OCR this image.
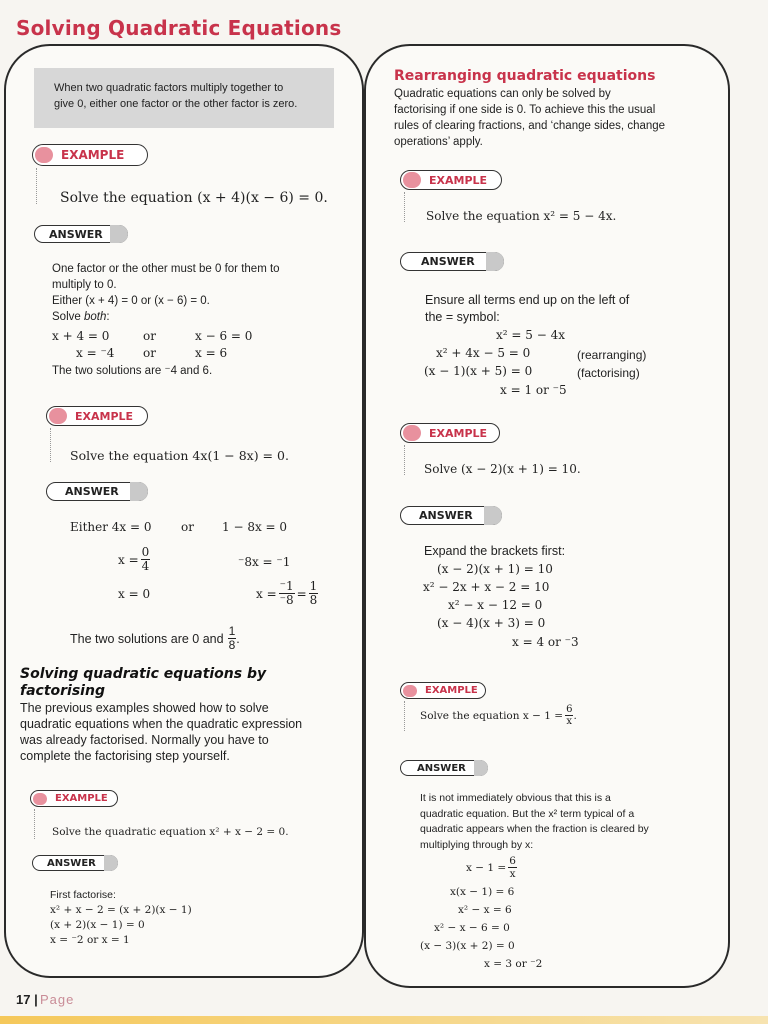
Solving Quadratic Equations
When two quadratic factors multiply together to
give 0, either one factor or the other factor is zero.
EXAMPLE
Solve the equation (x + 4)(x − 6) = 0.
ANSWER
One factor or the other must be 0 for them to
multiply to 0.
Either (x + 4) = 0 or (x − 6) = 0.
Solve both:
x + 4 = 0	or	x − 6 = 0
x = ⁻4 or	x = 6
The two solutions are ⁻4 and 6.
EXAMPLE
Solve the equation 4x(1 − 8x) = 0.
ANSWER
Either 4x = 0 or 1 − 8x = 0
$x = \frac{0}{4}$	⁻8x = ⁻1
x = 0	$x = \frac{^-1}{^-8} = \frac{1}{8}$
The two solutions are 0 and $\frac{1}{8}$ .
Solving quadratic equations by
factorising
The previous examples showed how to solve
quadratic equations when the quadratic expression
was already factorised. Normally you have to
complete the factorising step yourself.
EXAMPLE
Solve the quadratic equation x² + x − 2 = 0.
ANSWER
First factorise:
x² + x − 2 = (x + 2)(x − 1)
(x + 2)(x − 1) = 0
x = ⁻2 or x = 1
Rearranging quadratic equations
Quadratic equations can only be solved by
factorising if one side is 0. To achieve this the usual
rules of clearing fractions, and ‘change sides, change
operations’ apply.
EXAMPLE
Solve the equation x² = 5 − 4x.
ANSWER
Ensure all terms end up on the left of
the = symbol:
x² = 5 − 4x
x² + 4x − 5 = 0	(rearranging)
(x − 1)(x + 5) = 0	(factorising)
x = 1 or ⁻5
EXAMPLE
Solve (x − 2)(x + 1) = 10.
ANSWER
Expand the brackets first:
(x − 2)(x + 1) = 10
x² − 2x + x − 2 = 10
x² − x − 12 = 0
(x − 4)(x + 3) = 0
x = 4 or ⁻3
EXAMPLE
Solve the equation $x - 1 = \frac{6}{x}$ .
ANSWER
It is not immediately obvious that this is a
quadratic equation. But the x² term typical of a
quadratic appears when the fraction is cleared by
multiplying through by x:
$x - 1 = \frac{6}{x}$
x(x − 1) = 6
x² − x = 6
x² − x − 6 = 0
(x − 3)(x + 2) = 0
x = 3 or ⁻2
17 | Page
